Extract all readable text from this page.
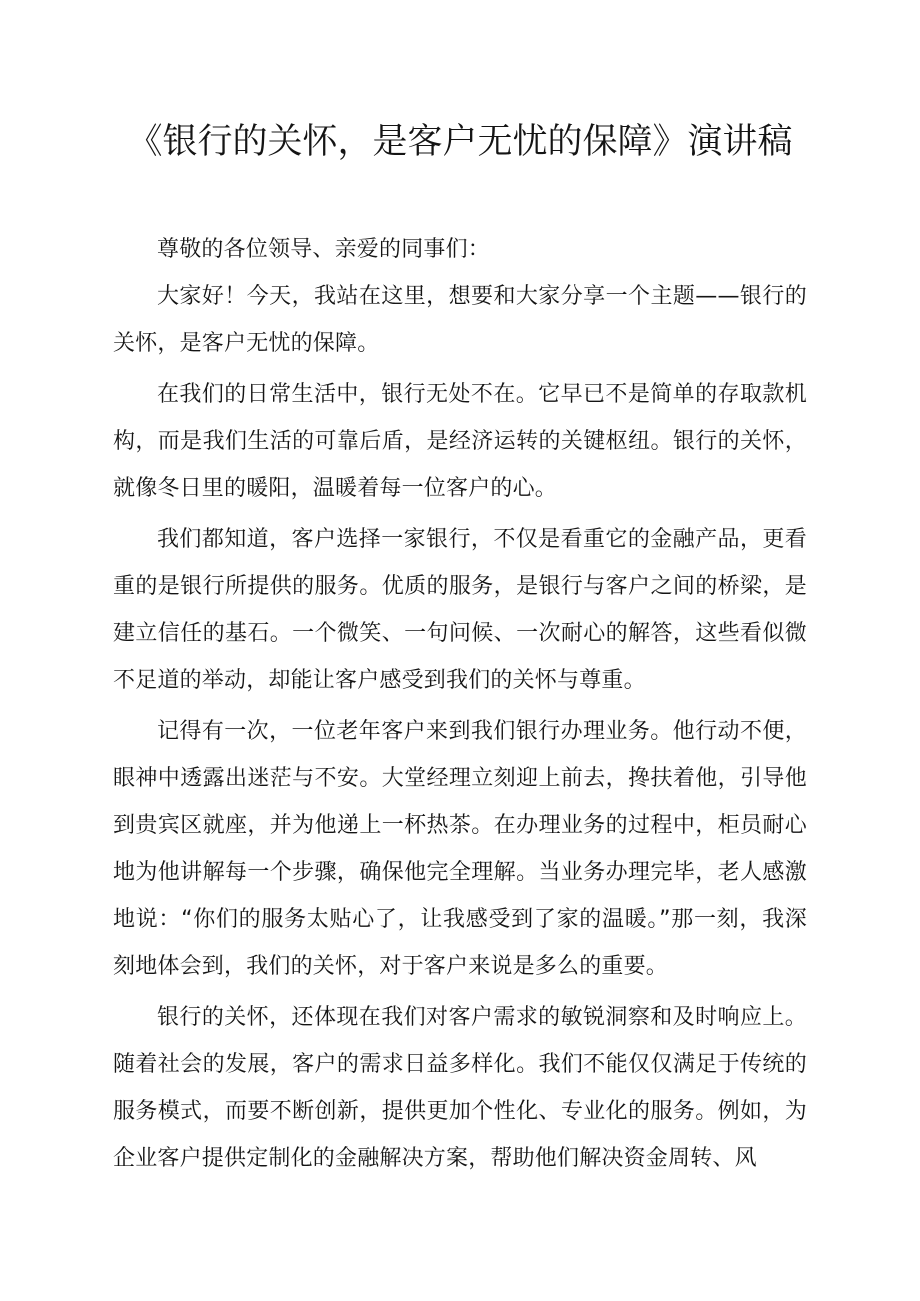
《银行的关怀，是客户无忧的保障》演讲稿

尊敬的各位领导、亲爱的同事们：

大家好！今天，我站在这里，想要和大家分享一个主题——银行的关怀，是客户无忧的保障。

在我们的日常生活中，银行无处不在。它早已不是简单的存取款机构，而是我们生活的可靠后盾，是经济运转的关键枢纽。银行的关怀，就像冬日里的暖阳，温暖着每一位客户的心。

我们都知道，客户选择一家银行，不仅是看重它的金融产品，更看重的是银行所提供的服务。优质的服务，是银行与客户之间的桥梁，是建立信任的基石。一个微笑、一句问候、一次耐心的解答，这些看似微不足道的举动，却能让客户感受到我们的关怀与尊重。

记得有一次，一位老年客户来到我们银行办理业务。他行动不便，眼神中透露出迷茫与不安。大堂经理立刻迎上前去，搀扶着他，引导他到贵宾区就座，并为他递上一杯热茶。在办理业务的过程中，柜员耐心地为他讲解每一个步骤，确保他完全理解。当业务办理完毕，老人感激地说：“你们的服务太贴心了，让我感受到了家的温暖。”那一刻，我深刻地体会到，我们的关怀，对于客户来说是多么的重要。

银行的关怀，还体现在我们对客户需求的敏锐洞察和及时响应上。随着社会的发展，客户的需求日益多样化。我们不能仅仅满足于传统的服务模式，而要不断创新，提供更加个性化、专业化的服务。例如，为企业客户提供定制化的金融解决方案，帮助他们解决资金周转、风
